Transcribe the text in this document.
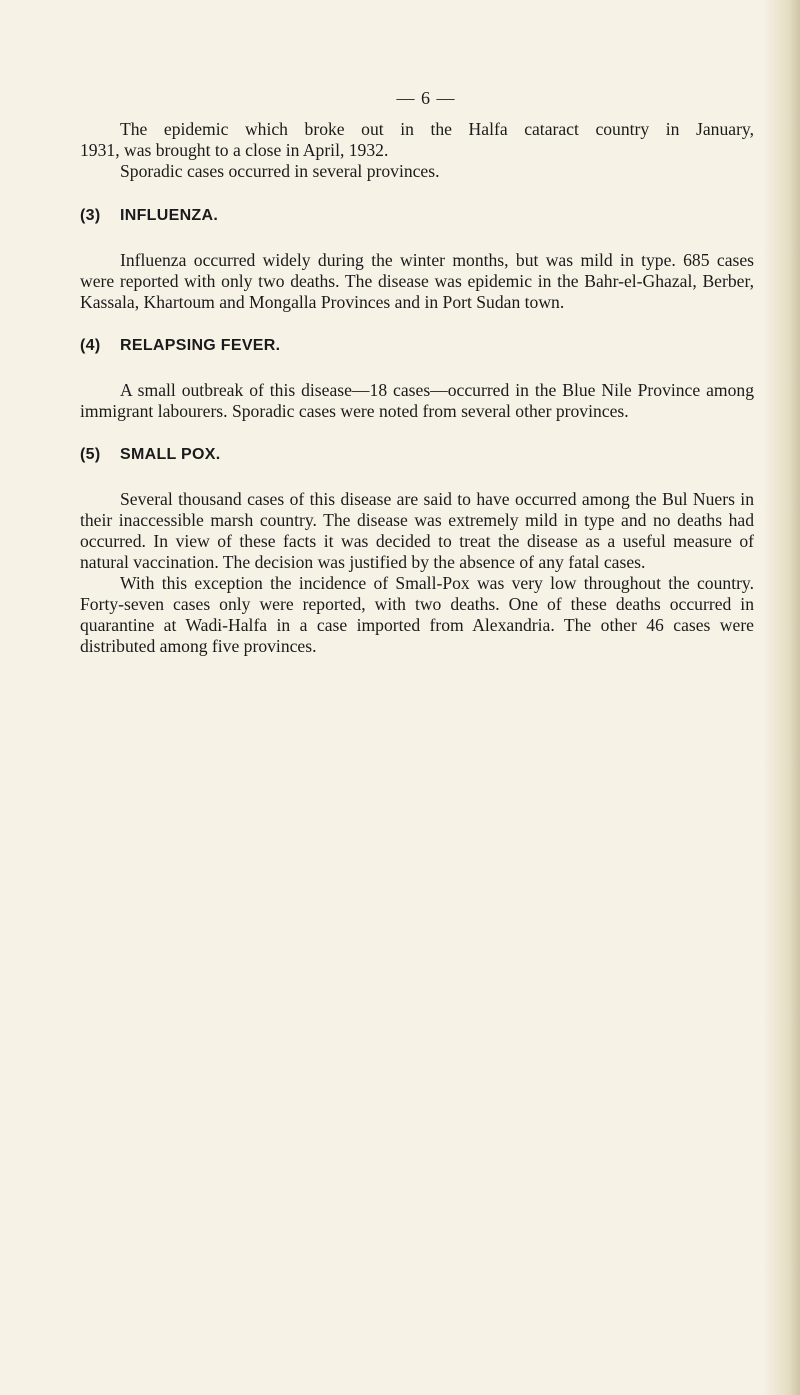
— 6 —

The epidemic which broke out in the Halfa cataract country in January,

1931, was brought to a close in April, 1932.

Sporadic cases occurred in several provinces.

(3) INFLUENZA.

Influenza occurred widely during the winter months, but was mild in type. 685 cases were reported with only two deaths. The disease was epidemic in the Bahr-el-Ghazal, Berber, Kassala, Khartoum and Mongalla Provinces and in Port Sudan town.

(4) RELAPSING FEVER.

A small outbreak of this disease—18 cases—occurred in the Blue Nile Province among immigrant labourers. Sporadic cases were noted from several other provinces.

(5) SMALL POX.

Several thousand cases of this disease are said to have occurred among the Bul Nuers in their inaccessible marsh country. The disease was extremely mild in type and no deaths had occurred. In view of these facts it was decided to treat the disease as a useful measure of natural vaccination. The decision was justified by the absence of any fatal cases.

With this exception the incidence of Small-Pox was very low throughout the country. Forty-seven cases only were reported, with two deaths. One of these deaths occurred in quarantine at Wadi-Halfa in a case imported from Alexandria. The other 46 cases were distributed among five provinces.
